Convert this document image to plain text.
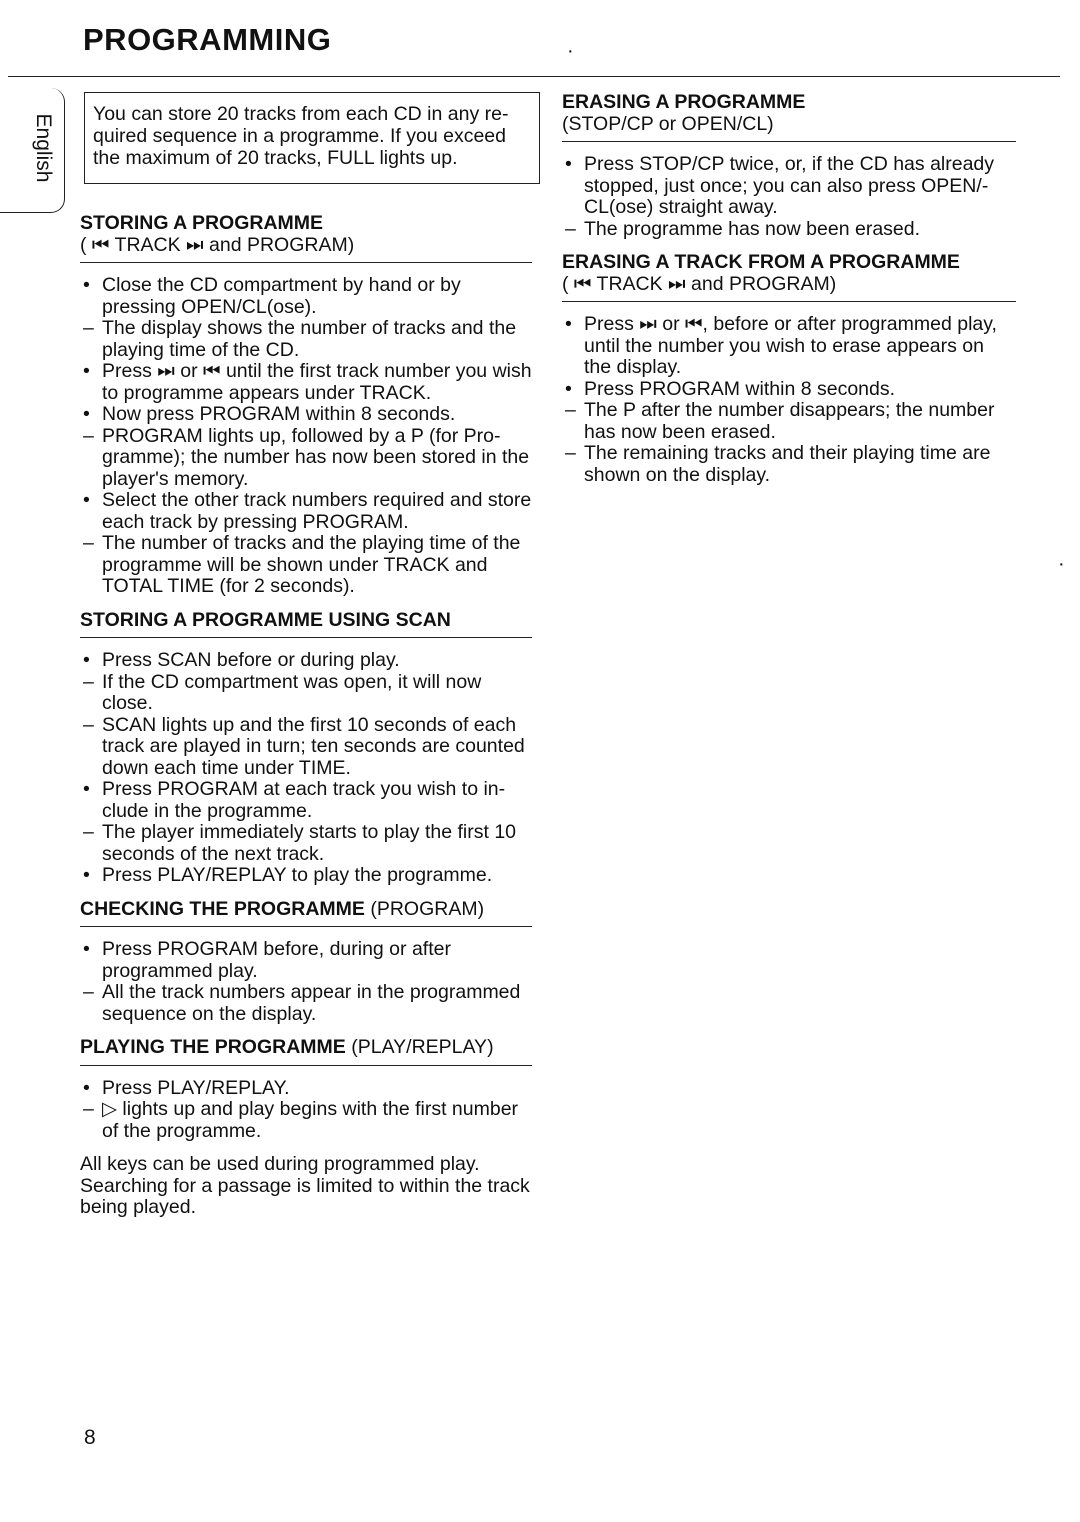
PROGRAMMING	·
English	You can store 20 tracks from each CD in any required sequence in a programme. If you exceed the maximum of 20 tracks, FULL lights up.

STORING A PROGRAMME

( ⏮ TRACK ⏭ and PROGRAM)

• Close the CD compartment by hand or by pressing OPEN/CL(ose).
– The display shows the number of tracks and the playing time of the CD.
• Press ⏭ or ⏮ until the first track number you wish to programme appears under TRACK.
• Now press PROGRAM within 8 seconds.
– PROGRAM lights up, followed by a P (for Programme); the number has now been stored in the player's memory.
• Select the other track numbers required and store each track by pressing PROGRAM.
– The number of tracks and the playing time of the programme will be shown under TRACK and TOTAL TIME (for 2 seconds).

STORING A PROGRAMME USING SCAN

• Press SCAN before or during play.
– If the CD compartment was open, it will now close.
– SCAN lights up and the first 10 seconds of each track are played in turn; ten seconds are counted down each time under TIME.
• Press PROGRAM at each track you wish to include in the programme.
– The player immediately starts to play the first 10 seconds of the next track.
• Press PLAY/REPLAY to play the programme.

CHECKING THE PROGRAMME (PROGRAM)

• Press PROGRAM before, during or after programmed play.
– All the track numbers appear in the programmed sequence on the display.

PLAYING THE PROGRAMME (PLAY/REPLAY)

• Press PLAY/REPLAY.
– ▷ lights up and play begins with the first number of the programme.

All keys can be used during programmed play. Searching for a passage is limited to within the track being played.

ERASING A PROGRAMME

(STOP/CP or OPEN/CL)

• Press STOP/CP twice, or, if the CD has already stopped, just once; you can also press OPEN/CL(ose) straight away.
– The programme has now been erased.

ERASING A TRACK FROM A PROGRAMME

( ⏮ TRACK ⏭ and PROGRAM)

• Press ⏭ or ⏮, before or after programmed play, until the number you wish to erase appears on the display.
• Press PROGRAM within 8 seconds.
– The P after the number disappears; the number has now been erased.
– The remaining tracks and their playing time are shown on the display.
·
8
